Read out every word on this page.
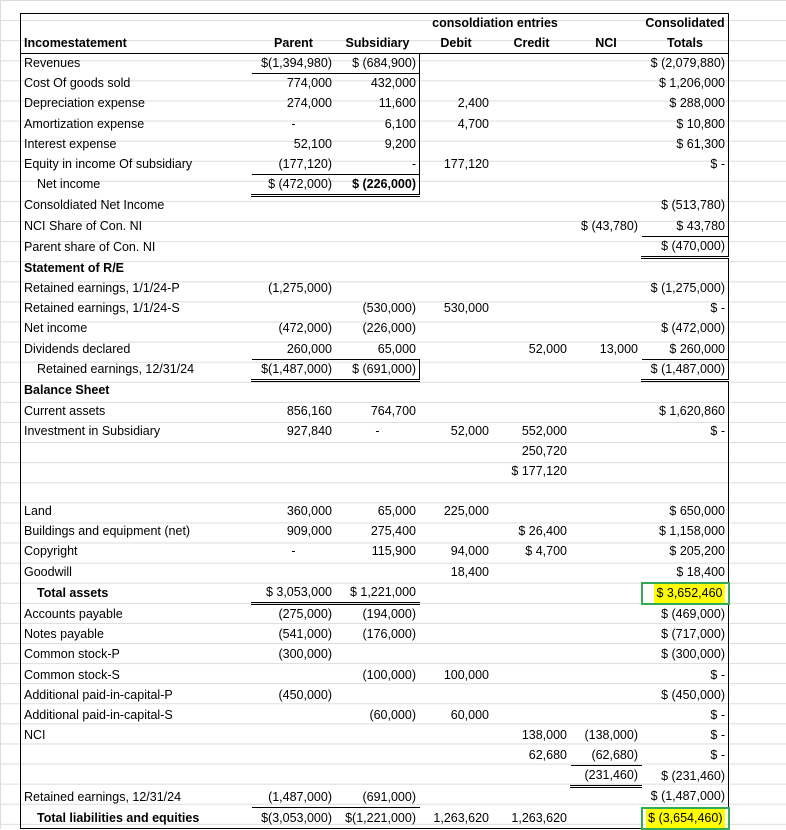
			consoldiation entries			Consolidated
Incomestatement	Parent	Subsidiary	Debit	Credit	NCI	Totals
Revenues	$(1,394,980)	$ (684,900)				$ (2,079,880)
Cost Of goods sold	774,000	432,000				$ 1,206,000
Depreciation expense	274,000	11,600	2,400			$ 288,000
Amortization expense	-	6,100	4,700			$ 10,800
Interest expense	52,100	9,200				$ 61,300
Equity in income Of subsidiary	(177,120)	-	177,120			$ -
Net income	$ (472,000)	$ (226,000)				
Consoldiated Net Income						$ (513,780)
NCI Share of Con. NI					$ (43,780)	$ 43,780
Parent share of Con. NI						$ (470,000)
Statement of R/E						
Retained earnings, 1/1/24-P	(1,275,000)					$ (1,275,000)
Retained earnings, 1/1/24-S		(530,000)	530,000			$ -
Net income	(472,000)	(226,000)				$ (472,000)
Dividends declared	260,000	65,000		52,000	13,000	$ 260,000
Retained earnings, 12/31/24	$(1,487,000)	$ (691,000)				$ (1,487,000)
Balance Sheet						
Current assets	856,160	764,700				$ 1,620,860
Investment in Subsidiary	927,840	-	52,000	552,000		$ -
				250,720		
				$ 177,120		

Land	360,000	65,000	225,000			$ 650,000
Buildings and equipment (net)	909,000	275,400		$ 26,400		$ 1,158,000
Copyright	-	115,900	94,000	$ 4,700		$ 205,200
Goodwill			18,400			$ 18,400
Total assets	$ 3,053,000	$ 1,221,000				$ 3,652,460
Accounts payable	(275,000)	(194,000)				$ (469,000)
Notes payable	(541,000)	(176,000)				$ (717,000)
Common stock-P	(300,000)					$ (300,000)
Common stock-S		(100,000)	100,000			$ -
Additional paid-in-capital-P	(450,000)					$ (450,000)
Additional paid-in-capital-S		(60,000)	60,000			$ -
NCI				138,000	(138,000)	$ -
				62,680	(62,680)	$ -
					(231,460)	$ (231,460)
Retained earnings, 12/31/24	(1,487,000)	(691,000)				$ (1,487,000)
Total liabilities and equities	$(3,053,000)	$(1,221,000)	1,263,620	1,263,620		$ (3,654,460)
